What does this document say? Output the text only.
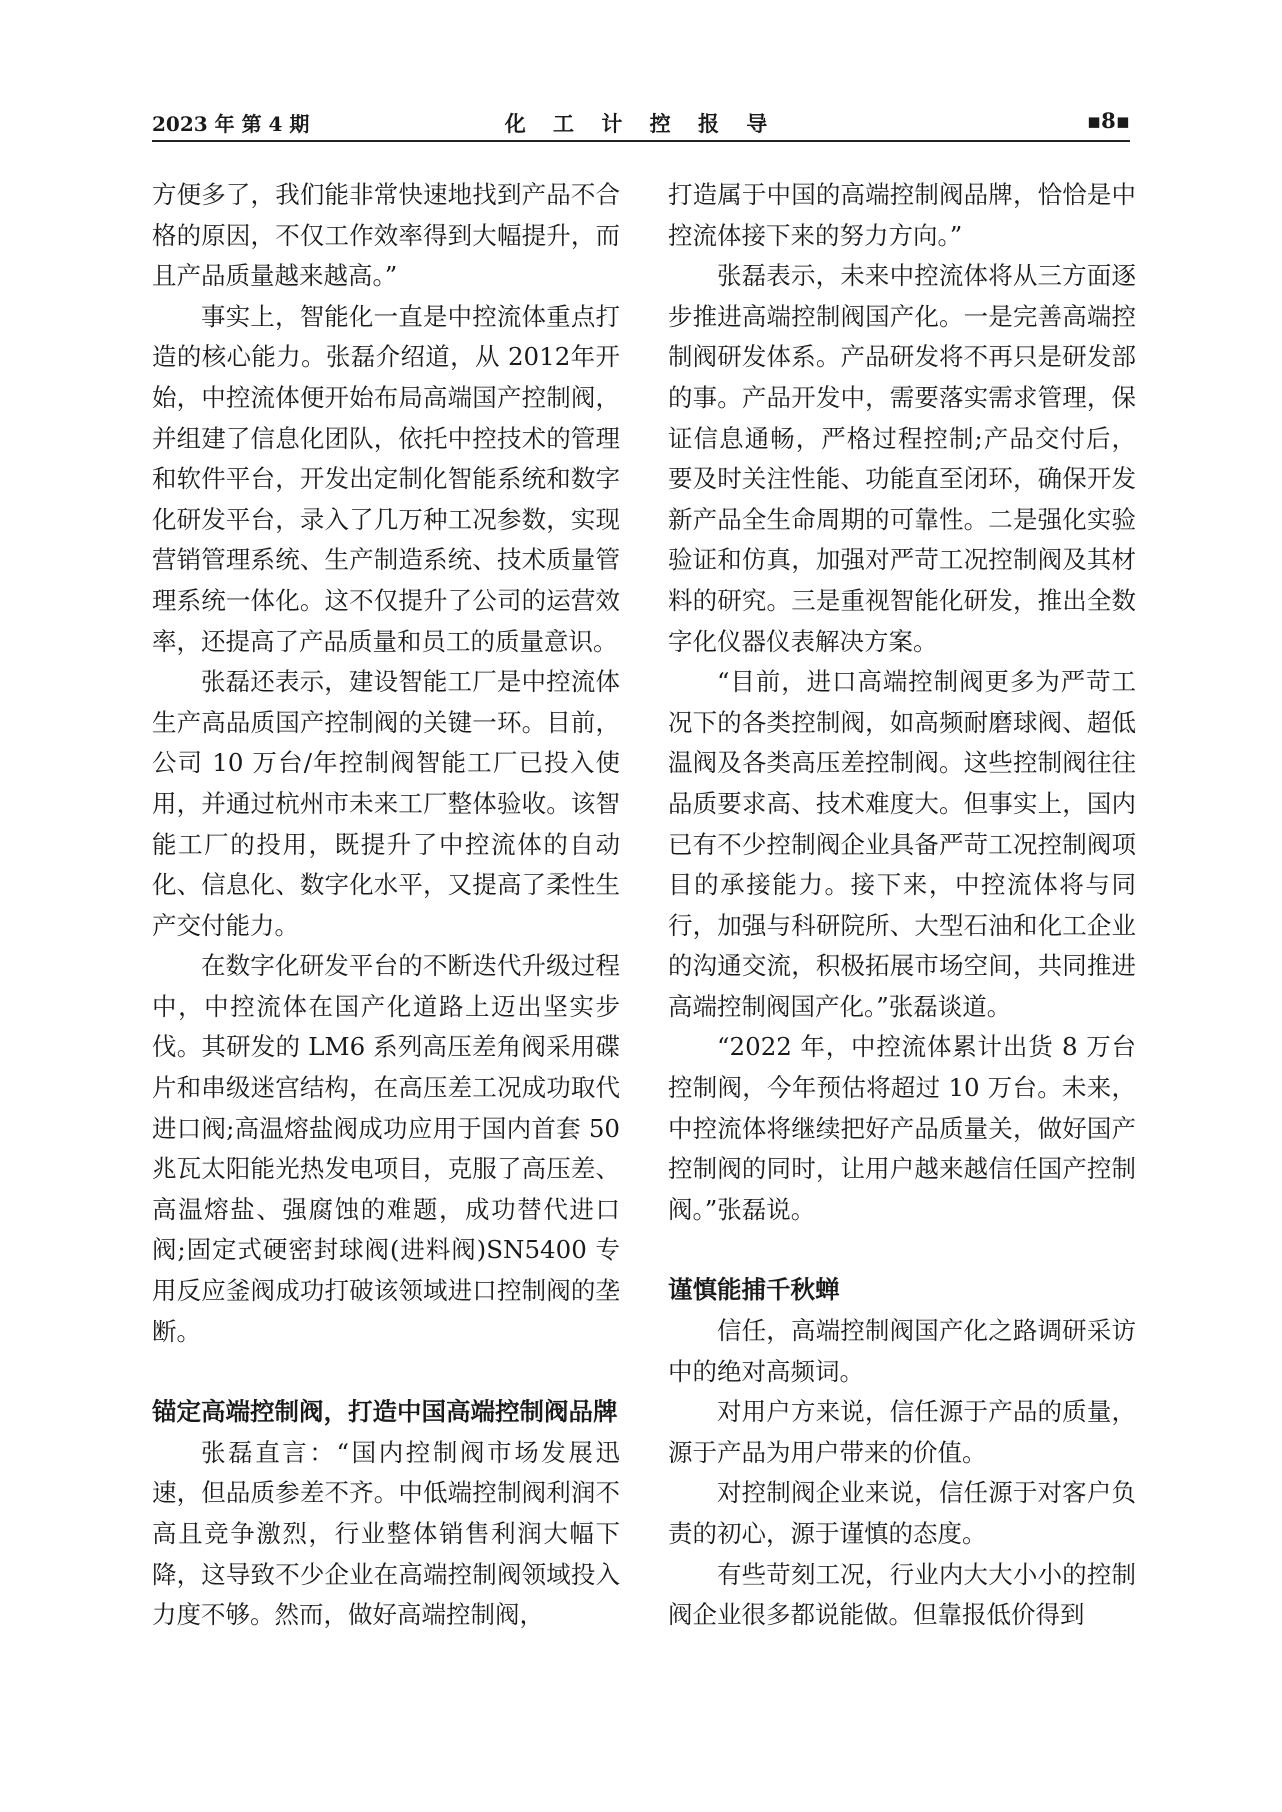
2023 年 第 4 期	化 工 计 控 报 导	▪8▪

方便多了，我们能非常快速地找到产品不合格的原因，不仅工作效率得到大幅提升，而且产品质量越来越高。”

事实上，智能化一直是中控流体重点打造的核心能力。张磊介绍道，从 2012年开始，中控流体便开始布局高端国产控制阀，并组建了信息化团队，依托中控技术的管理和软件平台，开发出定制化智能系统和数字化研发平台，录入了几万种工况参数，实现营销管理系统、生产制造系统、技术质量管理系统一体化。这不仅提升了公司的运营效率，还提高了产品质量和员工的质量意识。

张磊还表示，建设智能工厂是中控流体生产高品质国产控制阀的关键一环。目前，公司 10 万台/年控制阀智能工厂已投入使用，并通过杭州市未来工厂整体验收。该智能工厂的投用，既提升了中控流体的自动化、信息化、数字化水平，又提高了柔性生产交付能力。

在数字化研发平台的不断迭代升级过程中，中控流体在国产化道路上迈出坚实步伐。其研发的 LM6 系列高压差角阀采用碟片和串级迷宫结构，在高压差工况成功取代进口阀;高温熔盐阀成功应用于国内首套 50 兆瓦太阳能光热发电项目，克服了高压差、高温熔盐、强腐蚀的难题，成功替代进口阀;固定式硬密封球阀(进料阀)SN5400 专用反应釜阀成功打破该领域进口控制阀的垄断。

锚定高端控制阀，打造中国高端控制阀品牌

张磊直言：“国内控制阀市场发展迅速，但品质参差不齐。中低端控制阀利润不高且竞争激烈，行业整体销售利润大幅下降，这导致不少企业在高端控制阀领域投入力度不够。然而，做好高端控制阀，

打造属于中国的高端控制阀品牌，恰恰是中控流体接下来的努力方向。”

张磊表示，未来中控流体将从三方面逐步推进高端控制阀国产化。一是完善高端控制阀研发体系。产品研发将不再只是研发部的事。产品开发中，需要落实需求管理，保证信息通畅，严格过程控制;产品交付后，要及时关注性能、功能直至闭环，确保开发新产品全生命周期的可靠性。二是强化实验验证和仿真，加强对严苛工况控制阀及其材料的研究。三是重视智能化研发，推出全数字化仪器仪表解决方案。

“目前，进口高端控制阀更多为严苛工况下的各类控制阀，如高频耐磨球阀、超低温阀及各类高压差控制阀。这些控制阀往往品质要求高、技术难度大。但事实上，国内已有不少控制阀企业具备严苛工况控制阀项目的承接能力。接下来，中控流体将与同行，加强与科研院所、大型石油和化工企业的沟通交流，积极拓展市场空间，共同推进高端控制阀国产化。”张磊谈道。

“2022 年，中控流体累计出货 8 万台控制阀，今年预估将超过 10 万台。未来，中控流体将继续把好产品质量关，做好国产控制阀的同时，让用户越来越信任国产控制阀。”张磊说。

谨慎能捕千秋蝉

信任，高端控制阀国产化之路调研采访中的绝对高频词。

对用户方来说，信任源于产品的质量，源于产品为用户带来的价值。

对控制阀企业来说，信任源于对客户负责的初心，源于谨慎的态度。

有些苛刻工况，行业内大大小小的控制阀企业很多都说能做。但靠报低价得到
